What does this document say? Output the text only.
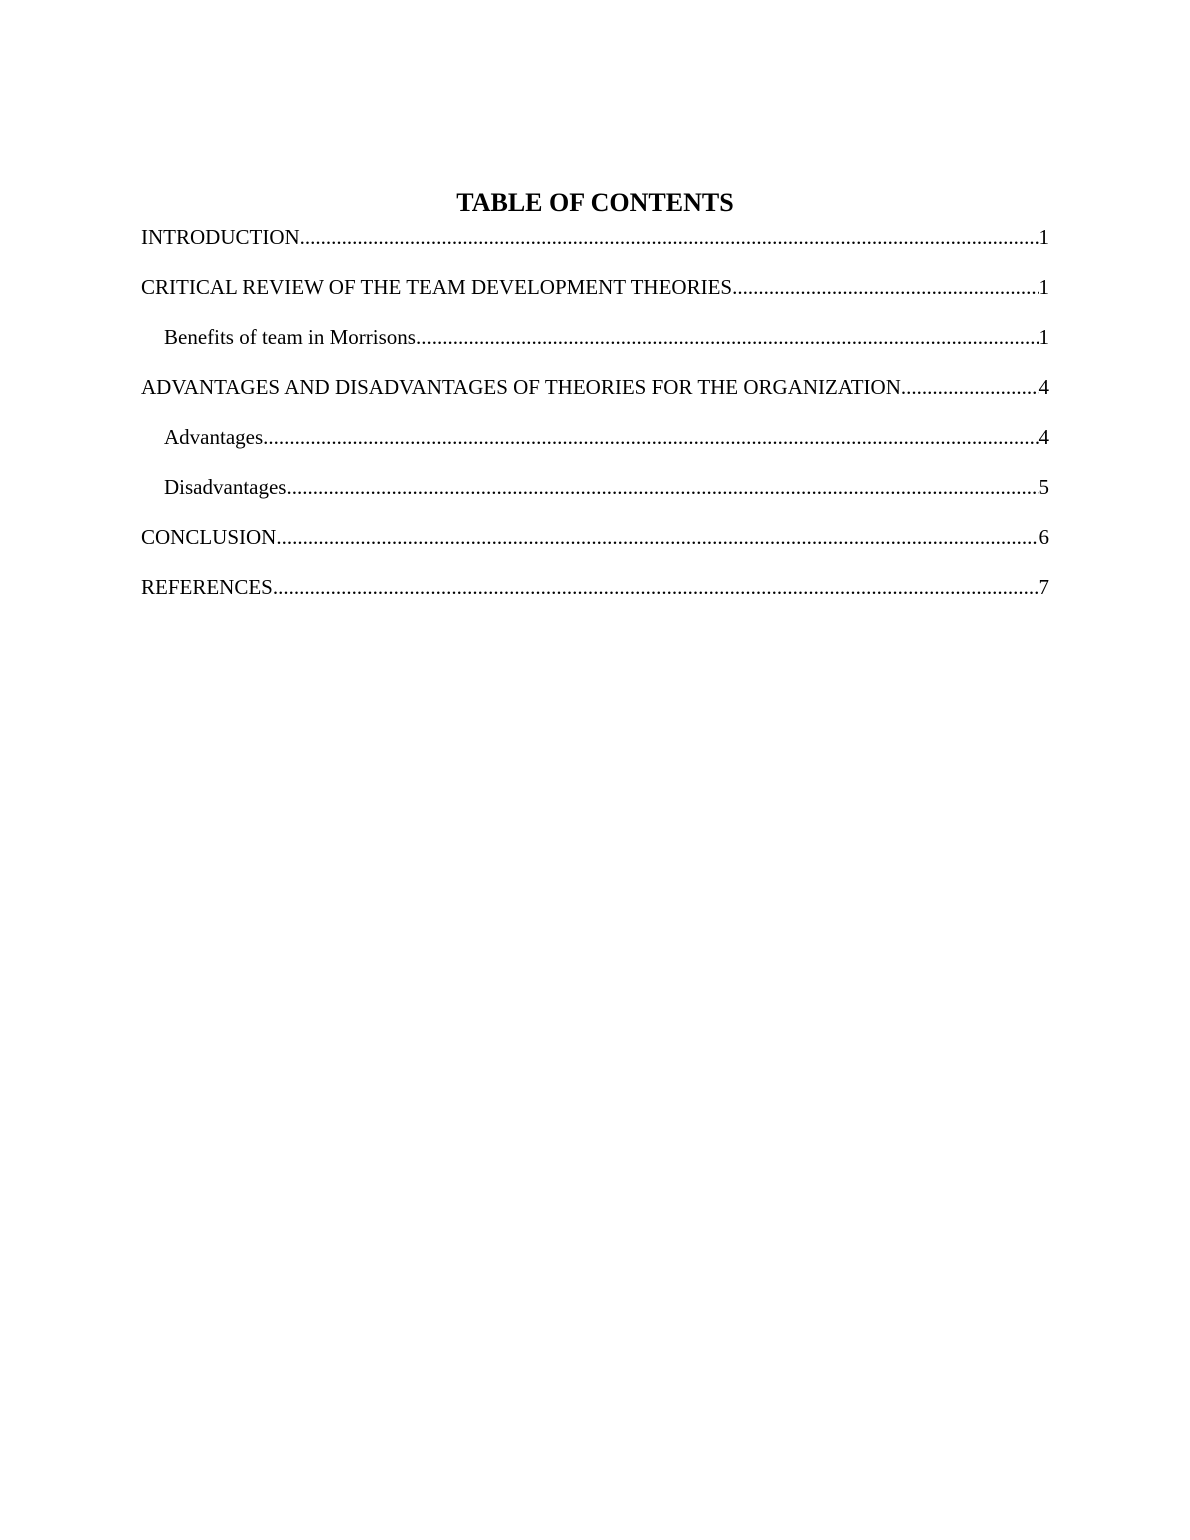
TABLE OF CONTENTS
INTRODUCTION .....	1
CRITICAL REVIEW OF THE TEAM DEVELOPMENT THEORIES .....	1
Benefits of team in Morrisons .....	1
ADVANTAGES AND DISADVANTAGES OF THEORIES FOR THE ORGANIZATION .....	4
Advantages .....	4
Disadvantages .....	5
CONCLUSION .....	6
REFERENCES .....	7
